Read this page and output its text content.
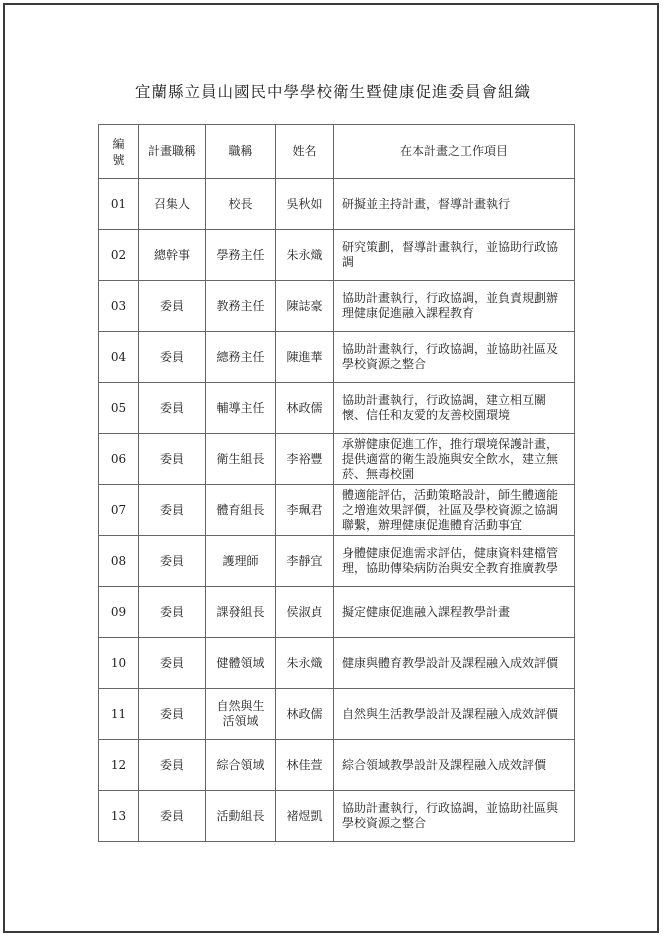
宜蘭縣立員山國民中學學校衛生暨健康促進委員會組織
編號	計畫職稱	職稱	姓名	在本計畫之工作項目
01	召集人	校長	吳秋如	研擬並主持計畫，督導計畫執行
02	總幹事	學務主任	朱永熾	研究策劃，督導計畫執行，並協助行政協調
03	委員	教務主任	陳誌豪	協助計畫執行，行政協調，並負責規劃辦理健康促進融入課程教育
04	委員	總務主任	陳進華	協助計畫執行，行政協調，並協助社區及學校資源之整合
05	委員	輔導主任	林政儒	協助計畫執行，行政協調，建立相互關懷、信任和友愛的友善校園環境
06	委員	衛生組長	李裕豐	承辦健康促進工作，推行環境保護計畫，提供適當的衛生設施與安全飲水，建立無菸、無毒校園
07	委員	體育組長	李珮君	體適能評估，活動策略設計，師生體適能之增進效果評價，社區及學校資源之協調聯繫，辦理健康促進體育活動事宜
08	委員	護理師	李靜宜	身體健康促進需求評估，健康資料建檔管理，協助傳染病防治與安全教育推廣教學
09	委員	課發組長	侯淑貞	擬定健康促進融入課程教學計畫
10	委員	健體領域	朱永熾	健康與體育教學設計及課程融入成效評價
11	委員	自然與生活領域	林政儒	自然與生活教學設計及課程融入成效評價
12	委員	綜合領域	林佳萱	綜合領域教學設計及課程融入成效評價
13	委員	活動組長	褚煜凱	協助計畫執行，行政協調，並協助社區與學校資源之整合
